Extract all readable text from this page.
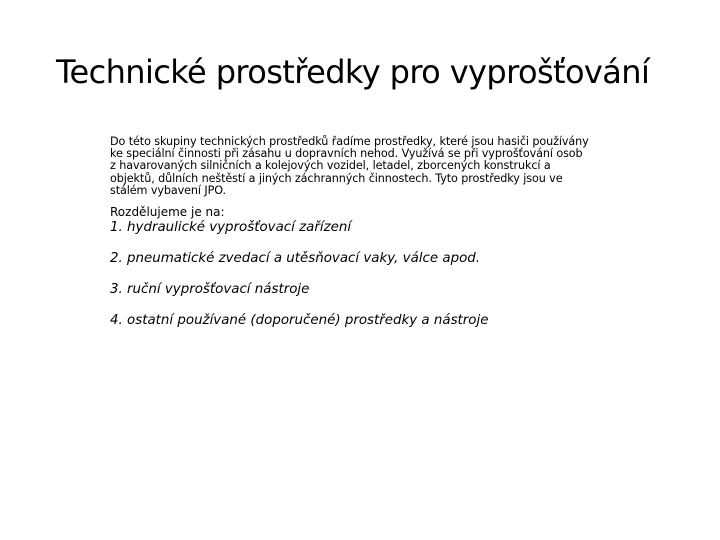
Technické prostředky pro vyprošťování

Do této skupiny technických prostředků řadíme prostředky, které jsou hasiči používány ke speciální činnosti při zásahu u dopravních nehod. Využívá se při vyprošťování osob z havarovaných silničních a kolejových vozidel, letadel, zborcených konstrukcí a objektů, důlních neštěstí a jiných záchranných činnostech. Tyto prostředky jsou ve stálém vybavení JPO.

Rozdělujeme je na:

1. hydraulické vyprošťovací zařízení
2. pneumatické zvedací a utěsňovací vaky, válce apod.
3. ruční vyprošťovací nástroje
4. ostatní používané (doporučené) prostředky a nástroje
